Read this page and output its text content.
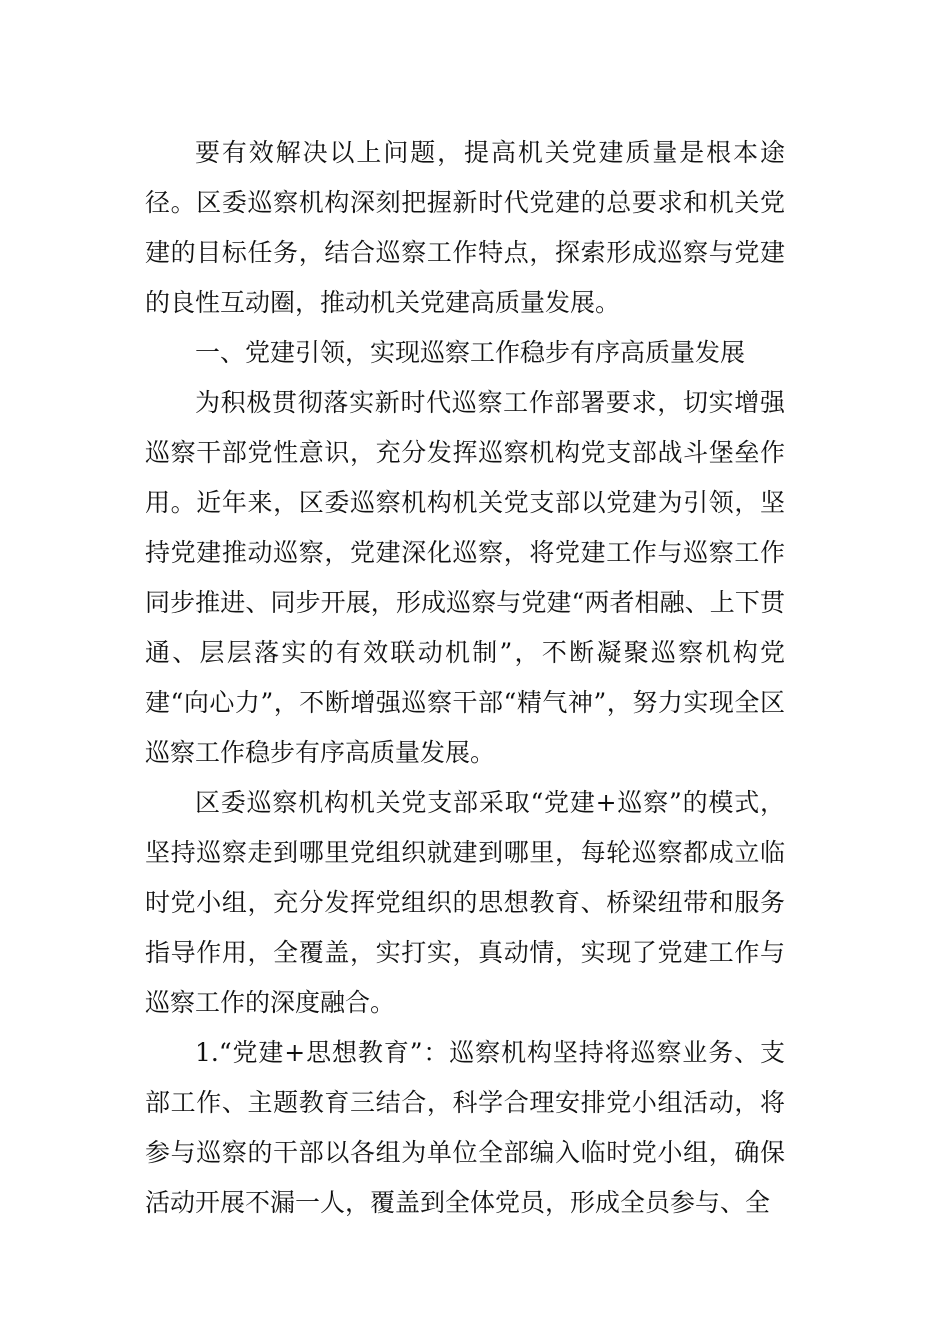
要有效解决以上问题，提高机关党建质量是根本途径。区委巡察机构深刻把握新时代党建的总要求和机关党建的目标任务，结合巡察工作特点，探索形成巡察与党建的良性互动圈，推动机关党建高质量发展。

一、党建引领，实现巡察工作稳步有序高质量发展

为积极贯彻落实新时代巡察工作部署要求，切实增强巡察干部党性意识，充分发挥巡察机构党支部战斗堡垒作用。近年来，区委巡察机构机关党支部以党建为引领，坚持党建推动巡察，党建深化巡察，将党建工作与巡察工作同步推进、同步开展，形成巡察与党建“两者相融、上下贯通、层层落实的有效联动机制”，不断凝聚巡察机构党建“向心力”，不断增强巡察干部“精气神”，努力实现全区巡察工作稳步有序高质量发展。

区委巡察机构机关党支部采取“党建+巡察”的模式，坚持巡察走到哪里党组织就建到哪里，每轮巡察都成立临时党小组，充分发挥党组织的思想教育、桥梁纽带和服务指导作用，全覆盖，实打实，真动情，实现了党建工作与巡察工作的深度融合。

1.“党建+思想教育”：巡察机构坚持将巡察业务、支部工作、主题教育三结合，科学合理安排党小组活动，将参与巡察的干部以各组为单位全部编入临时党小组，确保活动开展不漏一人，覆盖到全体党员，形成全员参与、全
